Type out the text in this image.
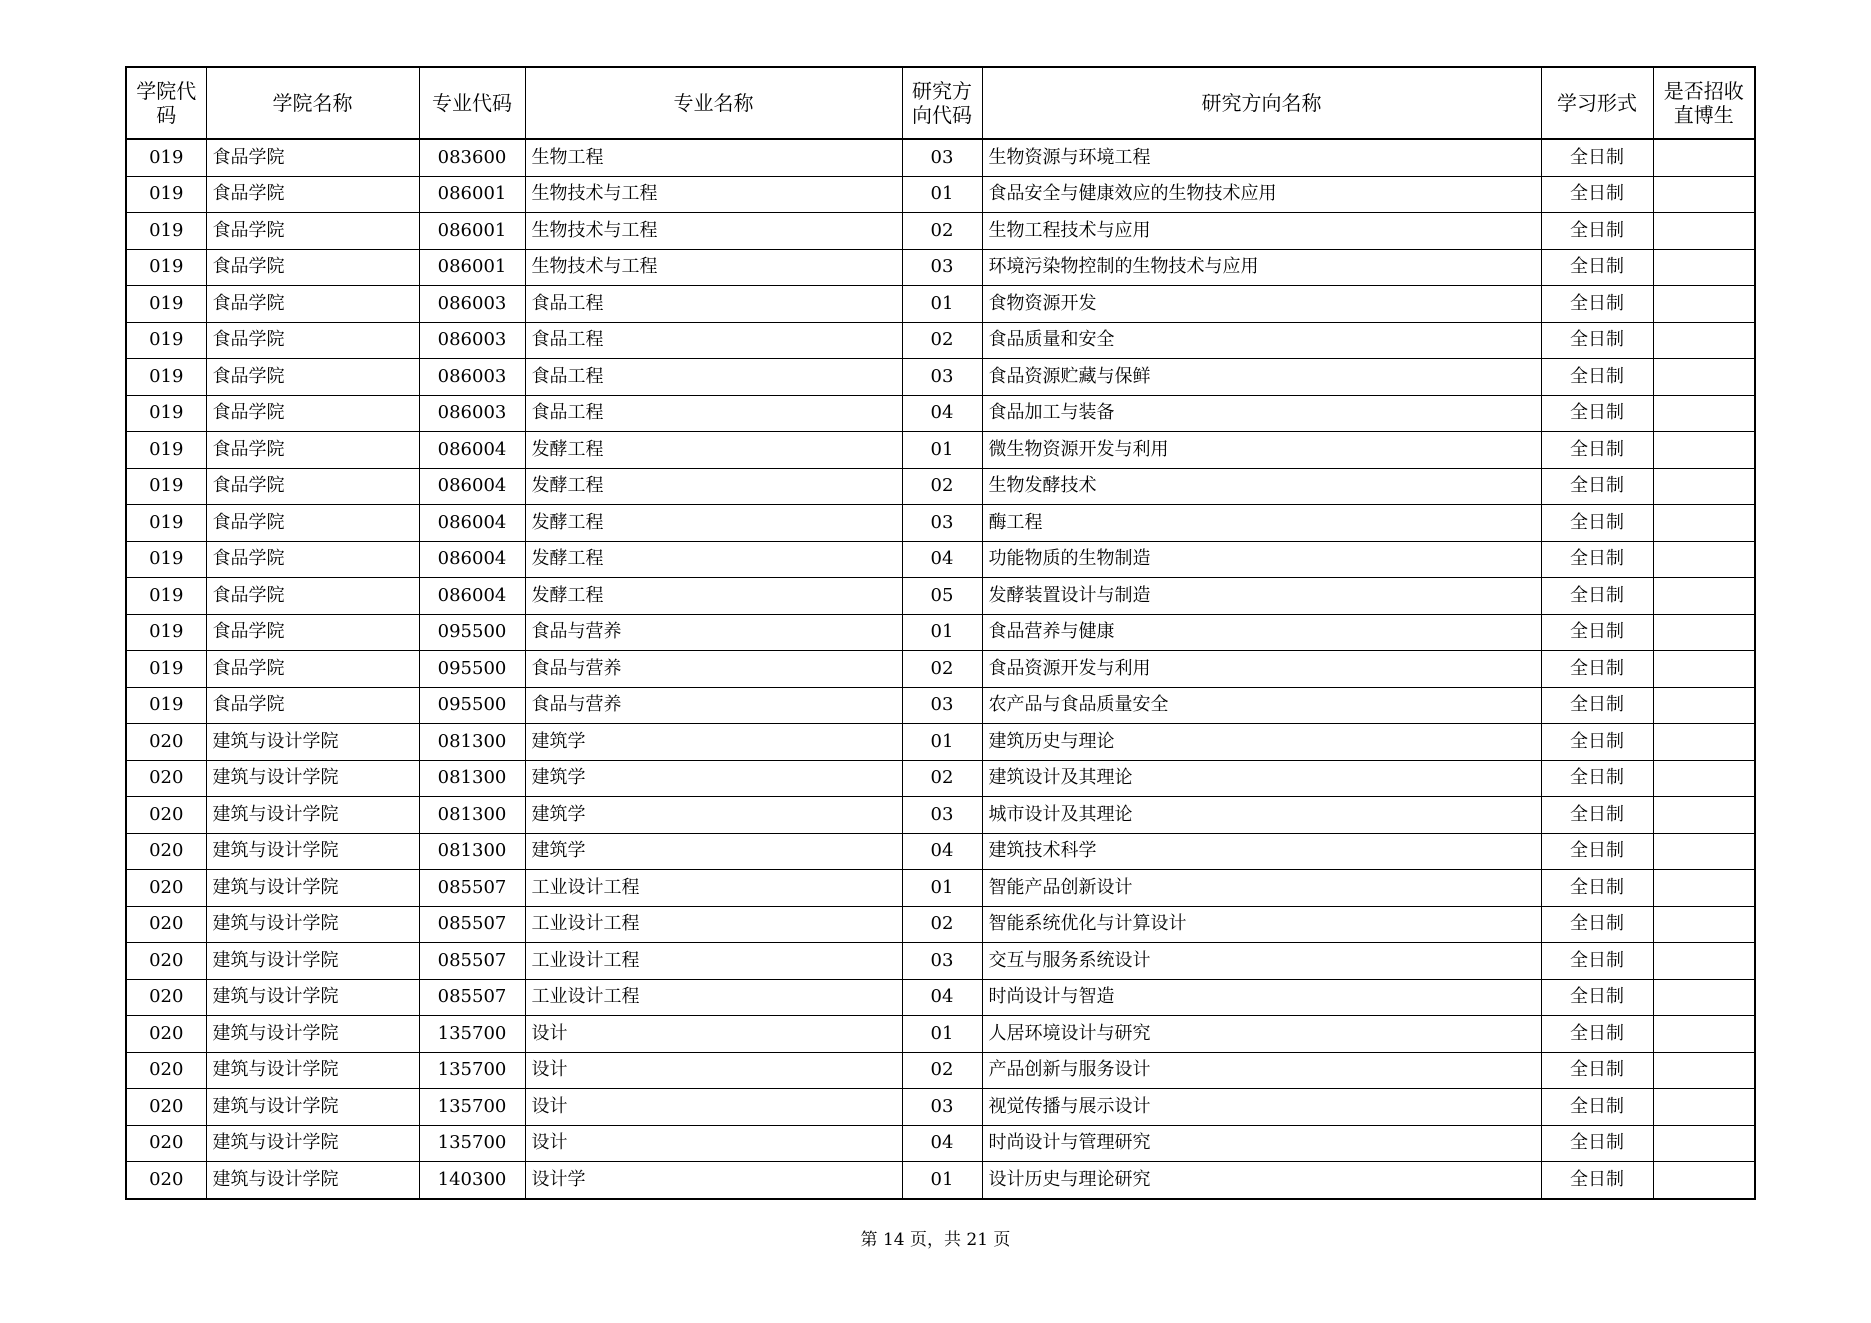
学院代码	学院名称	专业代码	专业名称	研究方向代码	研究方向名称	学习形式	是否招收直博生
019	食品学院	083600	生物工程	03	生物资源与环境工程	全日制	
019	食品学院	086001	生物技术与工程	01	食品安全与健康效应的生物技术应用	全日制	
019	食品学院	086001	生物技术与工程	02	生物工程技术与应用	全日制	
019	食品学院	086001	生物技术与工程	03	环境污染物控制的生物技术与应用	全日制	
019	食品学院	086003	食品工程	01	食物资源开发	全日制	
019	食品学院	086003	食品工程	02	食品质量和安全	全日制	
019	食品学院	086003	食品工程	03	食品资源贮藏与保鲜	全日制	
019	食品学院	086003	食品工程	04	食品加工与装备	全日制	
019	食品学院	086004	发酵工程	01	微生物资源开发与利用	全日制	
019	食品学院	086004	发酵工程	02	生物发酵技术	全日制	
019	食品学院	086004	发酵工程	03	酶工程	全日制	
019	食品学院	086004	发酵工程	04	功能物质的生物制造	全日制	
019	食品学院	086004	发酵工程	05	发酵装置设计与制造	全日制	
019	食品学院	095500	食品与营养	01	食品营养与健康	全日制	
019	食品学院	095500	食品与营养	02	食品资源开发与利用	全日制	
019	食品学院	095500	食品与营养	03	农产品与食品质量安全	全日制	
020	建筑与设计学院	081300	建筑学	01	建筑历史与理论	全日制	
020	建筑与设计学院	081300	建筑学	02	建筑设计及其理论	全日制	
020	建筑与设计学院	081300	建筑学	03	城市设计及其理论	全日制	
020	建筑与设计学院	081300	建筑学	04	建筑技术科学	全日制	
020	建筑与设计学院	085507	工业设计工程	01	智能产品创新设计	全日制	
020	建筑与设计学院	085507	工业设计工程	02	智能系统优化与计算设计	全日制	
020	建筑与设计学院	085507	工业设计工程	03	交互与服务系统设计	全日制	
020	建筑与设计学院	085507	工业设计工程	04	时尚设计与智造	全日制	
020	建筑与设计学院	135700	设计	01	人居环境设计与研究	全日制	
020	建筑与设计学院	135700	设计	02	产品创新与服务设计	全日制	
020	建筑与设计学院	135700	设计	03	视觉传播与展示设计	全日制	
020	建筑与设计学院	135700	设计	04	时尚设计与管理研究	全日制	
020	建筑与设计学院	140300	设计学	01	设计历史与理论研究	全日制	
第 14 页，共 21 页
